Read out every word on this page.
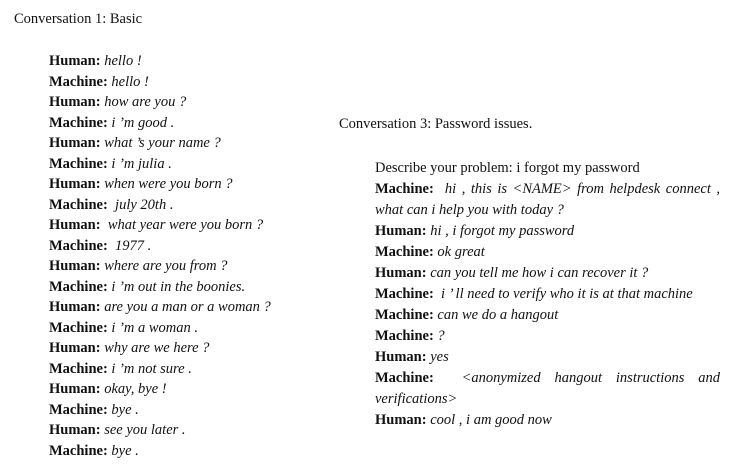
Conversation 1: Basic
Human: hello !
Machine: hello !
Human: how are you ?
Machine: i ’m good .
Human: what ’s your name ?
Machine: i ’m julia .
Human: when were you born ?
Machine: july 20th .
Human: what year were you born ?
Machine: 1977 .
Human: where are you from ?
Machine: i ’m out in the boonies.
Human: are you a man or a woman ?
Machine: i ’m a woman .
Human: why are we here ?
Machine: i ’m not sure .
Human: okay, bye !
Machine: bye .
Human: see you later .
Machine: bye .
Conversation 3: Password issues.
Describe your problem: i forgot my password
Machine: hi , this is <NAME> from helpdesk connect , what can i help you with today ?
Human: hi , i forgot my password
Machine: ok great
Human: can you tell me how i can recover it ?
Machine: i ’ ll need to verify who it is at that machine
Machine: can we do a hangout
Machine: ?
Human: yes
Machine: <anonymized hangout instructions and verifications>
Human: cool , i am good now
